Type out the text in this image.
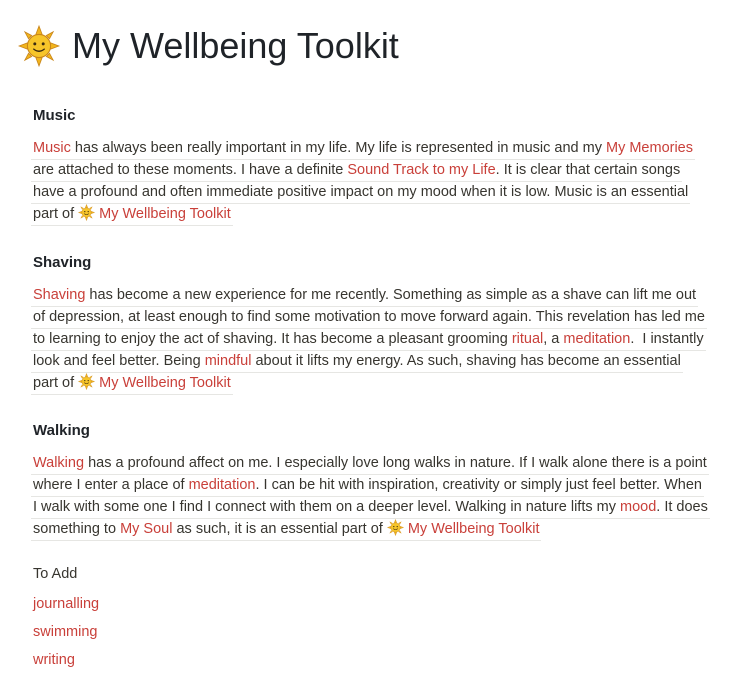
My Wellbeing Toolkit
Music
Music has always been really important in my life. My life is represented in music and my My Memories
are attached to these moments. I have a definite Sound Track to my Life. It is clear that certain songs
have a profound and often immediate positive impact on my mood when it is low. Music is an essential
part of My Wellbeing Toolkit
Shaving
Shaving has become a new experience for me recently. Something as simple as a shave can lift me out
of depression, at least enough to find some motivation to move forward again. This revelation has led me
to learning to enjoy the act of shaving. It has become a pleasant grooming ritual, a meditation.  I instantly
look and feel better. Being mindful about it lifts my energy. As such, shaving has become an essential
part of My Wellbeing Toolkit
Walking
Walking has a profound affect on me. I especially love long walks in nature. If I walk alone there is a point
where I enter a place of meditation. I can be hit with inspiration, creativity or simply just feel better. When
I walk with some one I find I connect with them on a deeper level. Walking in nature lifts my mood. It does
something to My Soul as such, it is an essential part of My Wellbeing Toolkit
To Add
journalling
swimming
writing
